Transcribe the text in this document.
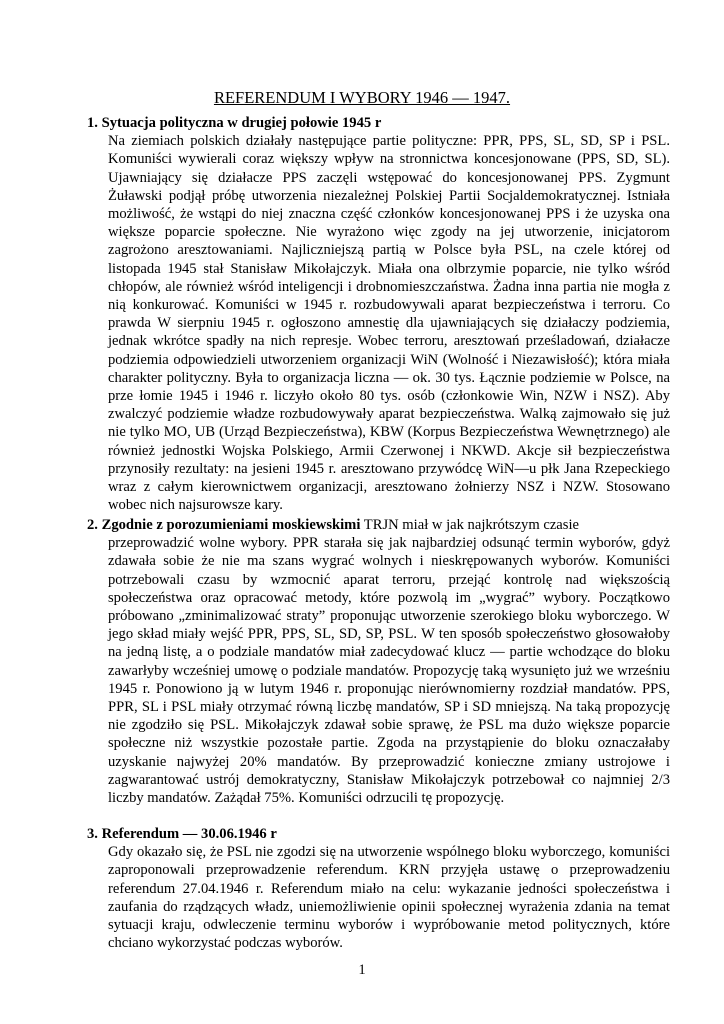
REFERENDUM I WYBORY 1946 — 1947.

1. Sytuacja polityczna w drugiej połowie 1945 r

Na ziemiach polskich działały następujące partie polityczne: PPR, PPS, SL, SD, SP i PSL. Komuniści wywierali coraz większy wpływ na stronnictwa koncesjonowane (PPS, SD, SL). Ujawniający się działacze PPS zaczęli wstępować do koncesjonowanej PPS. Zygmunt Żuławski podjął próbę utworzenia niezależnej Polskiej Partii Socjaldemokratycznej. Istniała możliwość, że wstąpi do niej znaczna część członków koncesjonowanej PPS i że uzyska ona większe poparcie społeczne. Nie wyrażono więc zgody na jej utworzenie, inicjatorom zagrożono aresztowaniami. Najliczniejszą partią w Polsce była PSL, na czele której od listopada 1945 stał Stanisław Mikołajczyk. Miała ona olbrzymie poparcie, nie tylko wśród chłopów, ale również wśród inteligencji i drobnomieszczaństwa. Żadna inna partia nie mogła z nią konkurować. Komuniści w 1945 r. rozbudowywali aparat bezpieczeństwa i terroru. Co prawda W sierpniu 1945 r. ogłoszono amnestię dla ujawniających się działaczy podziemia, jednak wkrótce spadły na nich represje. Wobec terroru, aresztowań prześladowań, działacze podziemia odpowiedzieli utworzeniem organizacji WiN (Wolność i Niezawisłość); która miała charakter polityczny. Była to organizacja liczna — ok. 30 tys. Łącznie podziemie w Polsce, na prze łomie 1945 i 1946 r. liczyło około 80 tys. osób (członkowie Win, NZW i NSZ). Aby zwalczyć podziemie władze rozbudowywały aparat bezpieczeństwa. Walką zajmowało się już nie tylko MO, UB (Urząd Bezpieczeństwa), KBW (Korpus Bezpieczeństwa Wewnętrznego) ale również jednostki Wojska Polskiego, Armii Czerwonej i NKWD. Akcje sił bezpieczeństwa przynosiły rezultaty: na jesieni 1945 r. aresztowano przywódcę WiN—u płk Jana Rzepeckiego wraz z całym kierownictwem organizacji, aresztowano żołnierzy NSZ i NZW. Stosowano wobec nich najsurowsze kary.

2. Zgodnie z porozumieniami moskiewskimi TRJN miał w jak najkrótszym czasie

przeprowadzić wolne wybory. PPR starała się jak najbardziej odsunąć termin wyborów, gdyż zdawała sobie że nie ma szans wygrać wolnych i nieskrępowanych wyborów. Komuniści potrzebowali czasu by wzmocnić aparat terroru, przejąć kontrolę nad większością społeczeństwa oraz opracować metody, które pozwolą im „wygrać” wybory. Początkowo próbowano „zminimalizować straty” proponując utworzenie szerokiego bloku wyborczego. W jego skład miały wejść PPR, PPS, SL, SD, SP, PSL. W ten sposób społeczeństwo głosowałoby na jedną listę, a o podziale mandatów miał zadecydować klucz — partie wchodzące do bloku zawarłyby wcześniej umowę o podziale mandatów. Propozycję taką wysunięto już we wrześniu 1945 r. Ponowiono ją w lutym 1946 r. proponując nierównomierny rozdział mandatów. PPS, PPR, SL i PSL miały otrzymać równą liczbę mandatów, SP i SD mniejszą. Na taką propozycję nie zgodziło się PSL. Mikołajczyk zdawał sobie sprawę, że PSL ma dużo większe poparcie społeczne niż wszystkie pozostałe partie. Zgoda na przystąpienie do bloku oznaczałaby uzyskanie najwyżej 20% mandatów. By przeprowadzić konieczne zmiany ustrojowe i zagwarantować ustrój demokratyczny, Stanisław Mikołajczyk potrzebował co najmniej 2/3 liczby mandatów. Zażądał 75%. Komuniści odrzucili tę propozycję.

3. Referendum — 30.06.1946 r

Gdy okazało się, że PSL nie zgodzi się na utworzenie wspólnego bloku wyborczego, komuniści zaproponowali przeprowadzenie referendum. KRN przyjęła ustawę o przeprowadzeniu referendum 27.04.1946 r. Referendum miało na celu: wykazanie jedności społeczeństwa i zaufania do rządzących władz, uniemożliwienie opinii społecznej wyrażenia zdania na temat sytuacji kraju, odwleczenie terminu wyborów i wypróbowanie metod politycznych, które chciano wykorzystać podczas wyborów.

1
